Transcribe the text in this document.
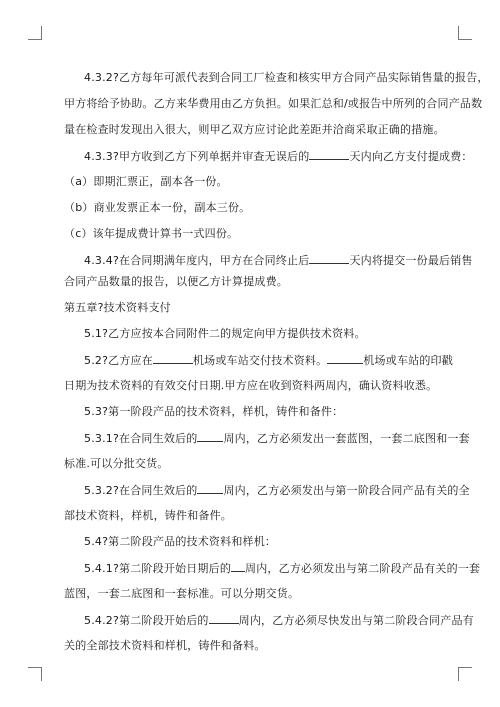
4.3.2?乙方每年可派代表到合同工厂检查和核实甲方合同产品实际销售量的报告，
甲方将给予协助。乙方来华费用由乙方负担。如果汇总和/或报告中所列的合同产品数
量在检查时发现出入很大，则甲乙双方应讨论此差距并洽商采取正确的措施。
4.3.3?甲方收到乙方下列单据并审查无误后的	天内向乙方支付提成费：
（a）即期汇票正，副本各一份。
（b）商业发票正本一份，副本三份。
（c）该年提成费计算书一式四份。
4.3.4?在合同期满年度内，甲方在合同终止后	天内将提交一份最后销售
合同产品数量的报告，以便乙方计算提成费。
第五章?技术资料支付
5.1?乙方应按本合同附件二的规定向甲方提供技术资料。
5.2?乙方应在	机场或车站交付技术资料。	机场或车站的印戳
日期为技术资料的有效交付日期.甲方应在收到资料两周内，确认资料收悉。
5.3?第一阶段产品的技术资料，样机，铸件和备件：
5.3.1?在合同生效后的 周内，乙方必须发出一套蓝图，一套二底图和一套
标准.可以分批交货。
5.3.2?在合同生效后的 周内，乙方必须发出与第一阶段合同产品有关的全
部技术资料，样机，铸件和备件。
5.4?第二阶段产品的技术资料和样机：
5.4.1?第二阶段开始日期后的 周内，乙方必须发出与第二阶段产品有关的一套
蓝图，一套二底图和一套标准。可以分期交货。
5.4.2?第二阶段开始后的	周内，乙方必须尽快发出与第二阶段合同产品有
关的全部技术资料和样机，铸件和备料。
